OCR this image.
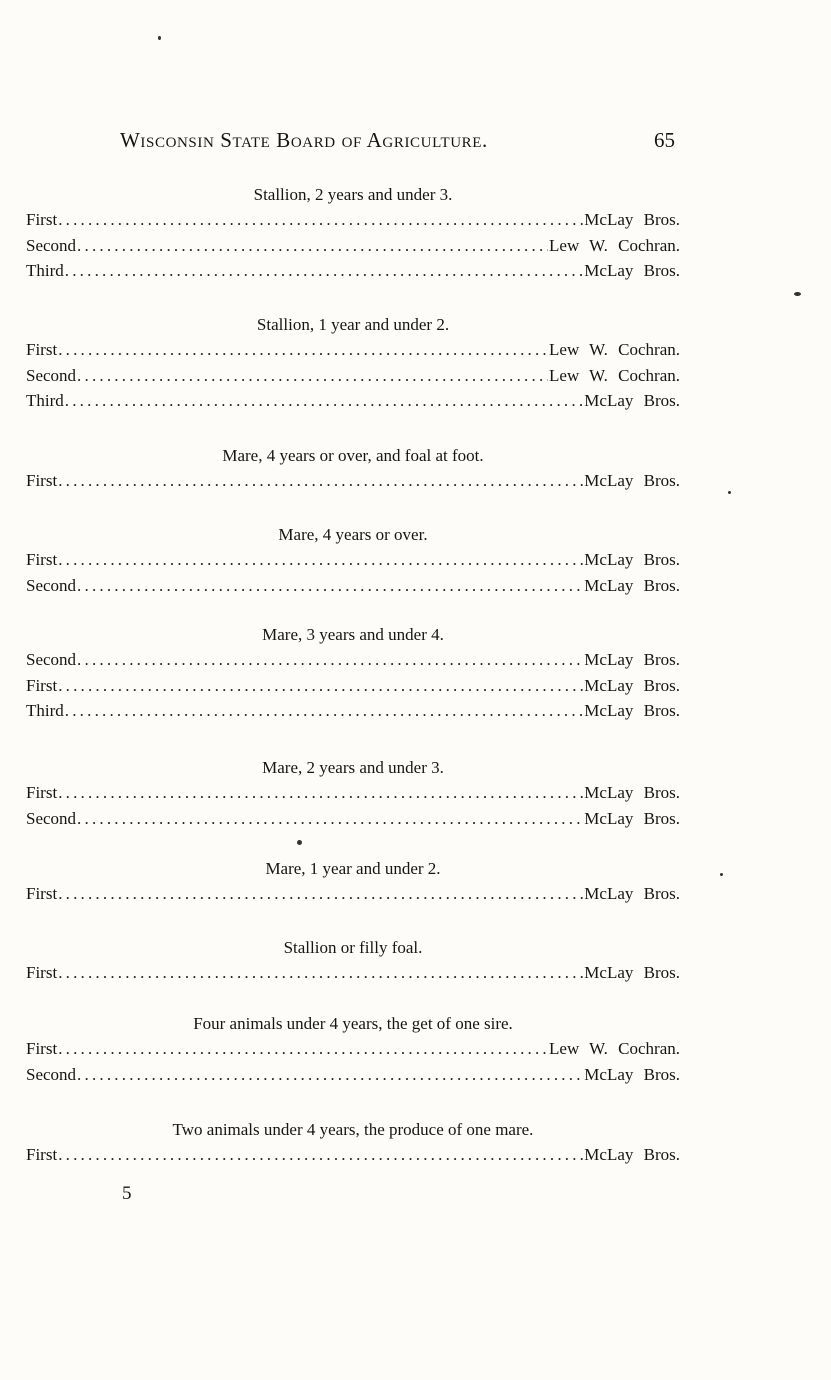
Wisconsin State Board of Agriculture.	65
Stallion, 2 years and under 3.
First .....	McLay Bros.
Second .....	Lew W. Cochran.
Third .....	McLay Bros.
Stallion, 1 year and under 2.
First .....	Lew W. Cochran.
Second .....	Lew W. Cochran.
Third .....	McLay Bros.
Mare, 4 years or over, and foal at foot.
First .....	McLay Bros.
Mare, 4 years or over.
First .....	McLay Bros.
Second .....	McLay Bros.
Mare, 3 years and under 4.
Second .....	McLay Bros.
First .....	McLay Bros.
Third .....	McLay Bros.
Mare, 2 years and under 3.
First .....	McLay Bros.
Second .....	McLay Bros.
Mare, 1 year and under 2.
First .....	McLay Bros.
Stallion or filly foal.
First .....	McLay Bros.
Four animals under 4 years, the get of one sire.
First .....	Lew W. Cochran.
Second .....	McLay Bros.
Two animals under 4 years, the produce of one mare.
First .....	McLay Bros.
5
